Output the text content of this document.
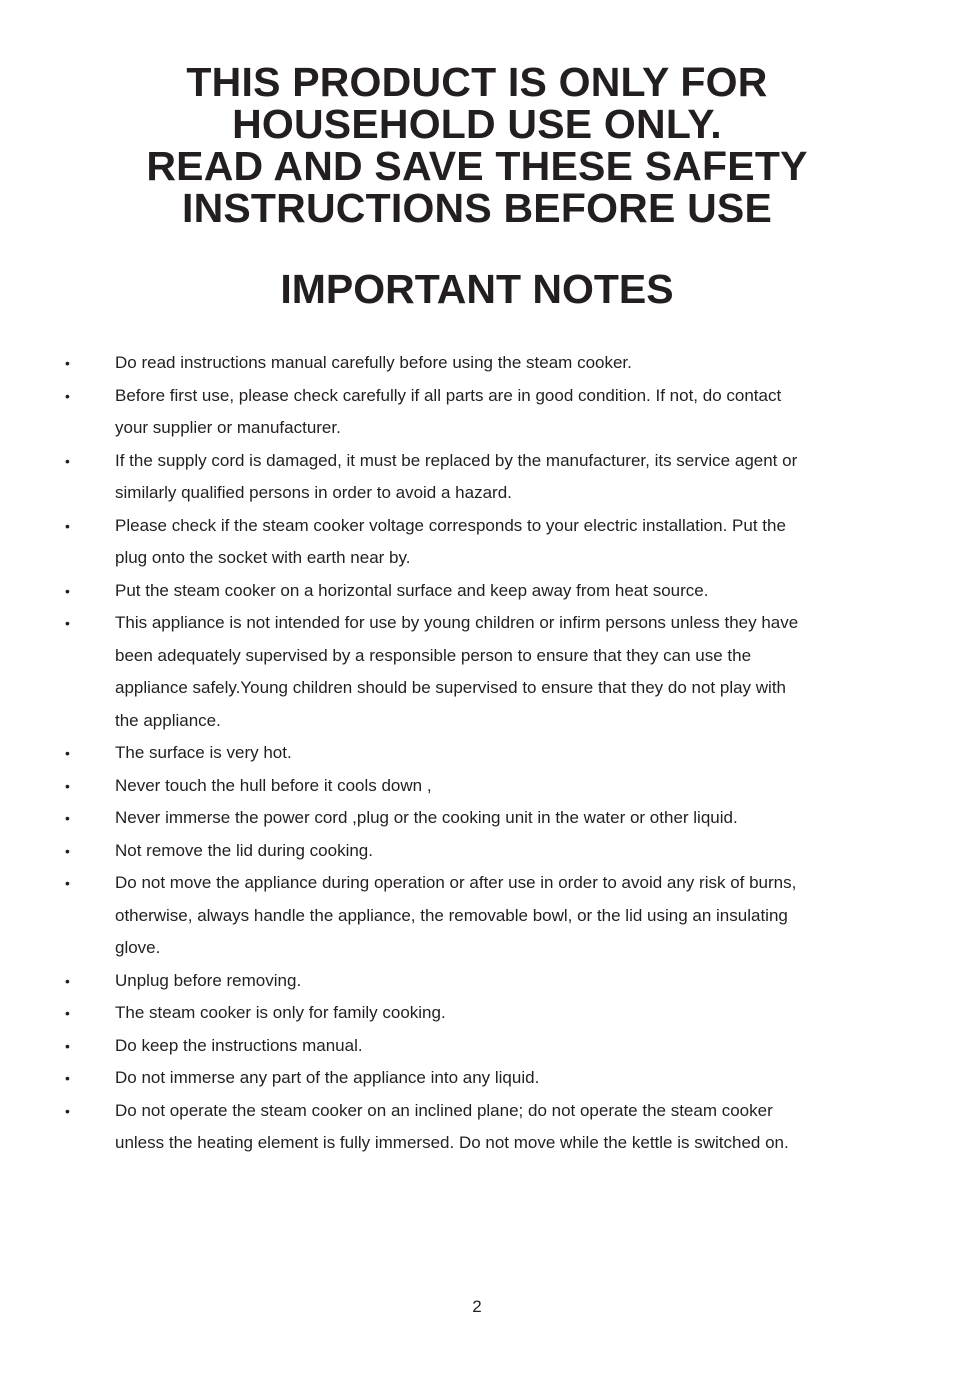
THIS PRODUCT IS ONLY FOR
HOUSEHOLD USE ONLY.
READ AND SAVE THESE SAFETY
INSTRUCTIONS BEFORE USE
IMPORTANT NOTES
•	Do read instructions manual carefully before using the steam cooker.
•	Before first use, please check carefully if all parts are in good condition. If not, do contact
your supplier or manufacturer.
•	If the supply cord is damaged, it must be replaced by the manufacturer, its service agent or
similarly qualified persons in order to avoid a hazard.
•	Please check if the steam cooker voltage corresponds to your electric installation. Put the
plug onto the socket with earth near by.
•	Put the steam cooker on a horizontal surface and keep away from heat source.
•	This appliance is not intended for use by young children or infirm persons unless they have
been adequately supervised by a responsible person to ensure that they can use the
appliance safely.Young children should be supervised to ensure that they do not play with
the appliance.
•	The surface is very hot.
•	Never touch the hull before it cools down ,
•	Never immerse the power cord ,plug or the cooking unit in the water or other liquid.
•	Not remove the lid during cooking.
•	Do not move the appliance during operation or after use in order to avoid any risk of burns,
otherwise, always handle the appliance, the removable bowl, or the lid using an insulating
glove.
•	Unplug before removing.
•	The steam cooker is only for family cooking.
•	Do keep the instructions manual.
•	Do not immerse any part of the appliance into any liquid.
•	Do not operate the steam cooker on an inclined plane; do not operate the steam cooker
unless the heating element is fully immersed. Do not move while the kettle is switched on.
2
